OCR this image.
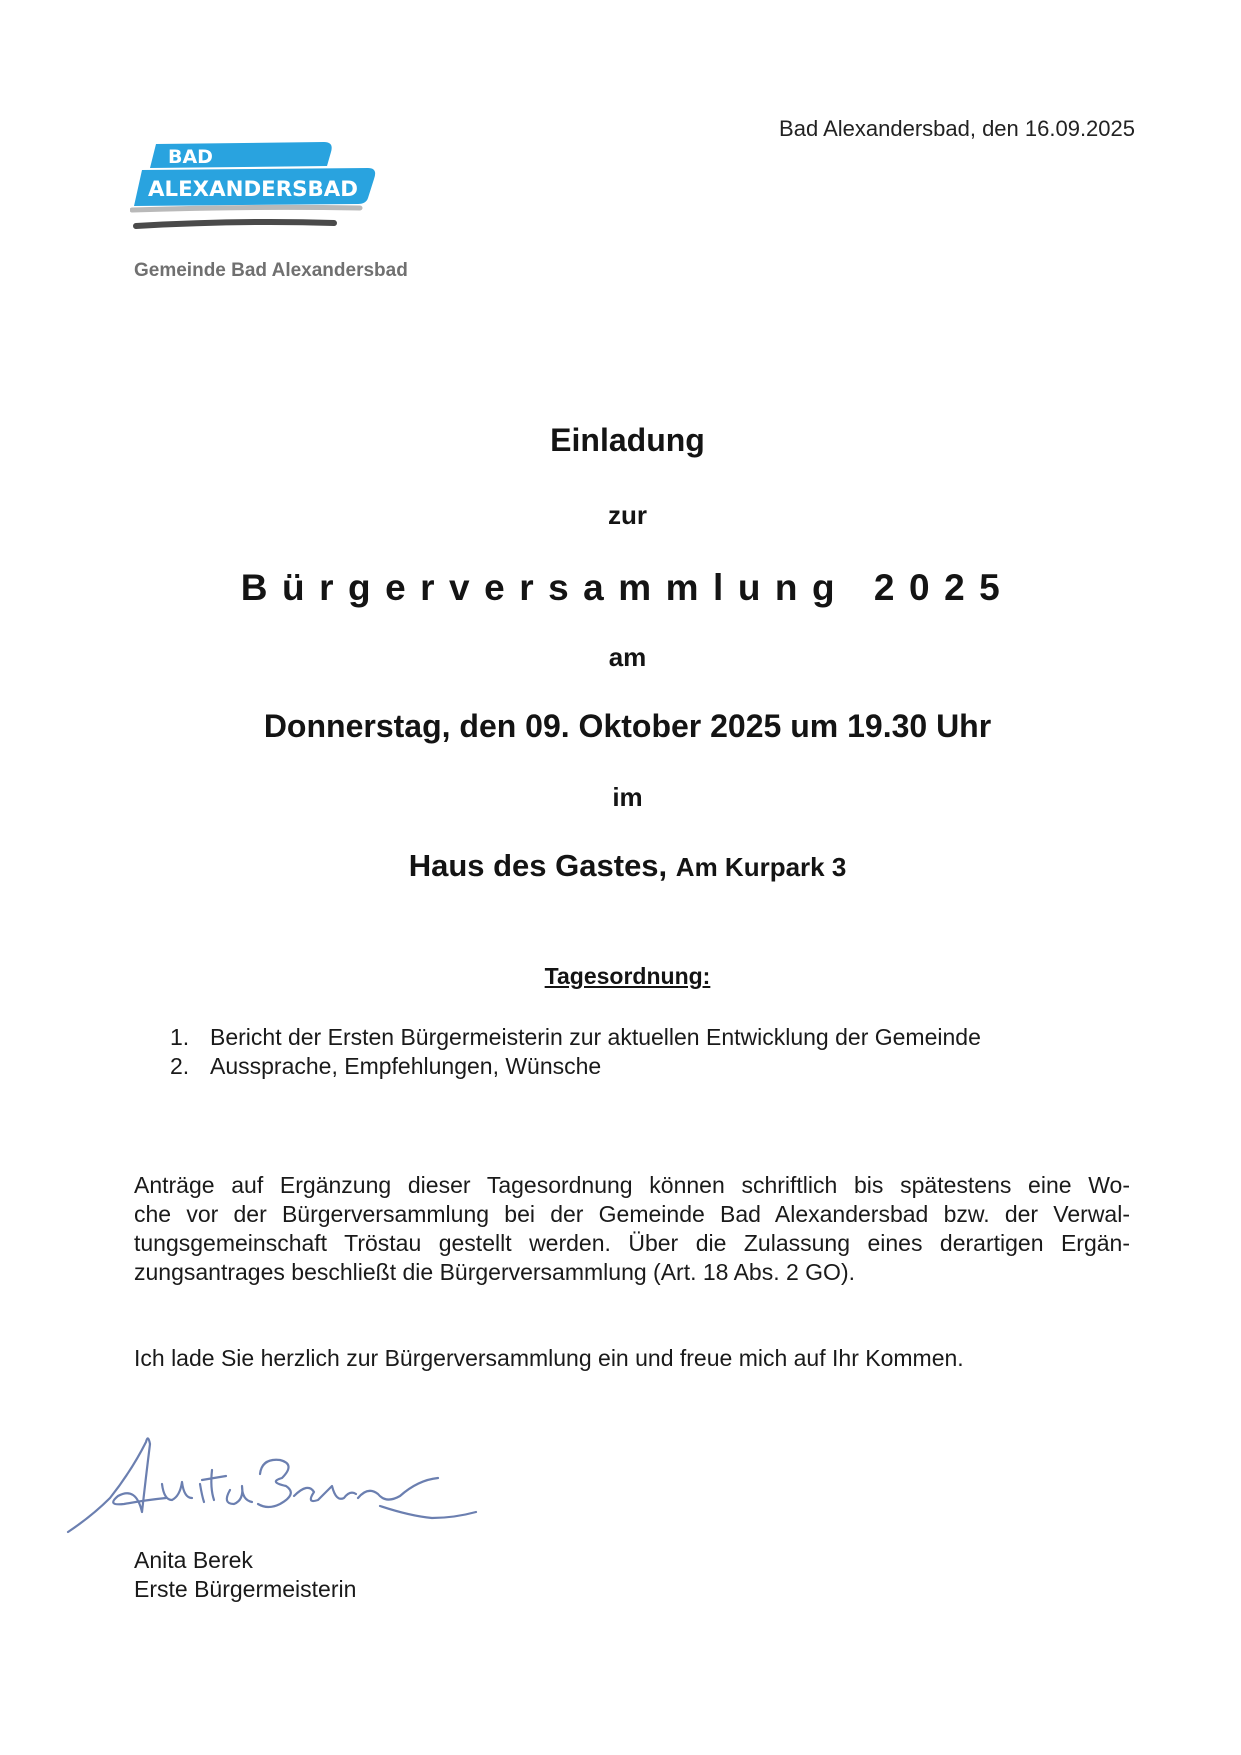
Bad Alexandersbad, den 16.09.2025
BAD
ALEXANDERSBAD
Gemeinde Bad Alexandersbad
Einladung
zur
Bürgerversammlung 2025
am
Donnerstag, den 09. Oktober 2025 um 19.30 Uhr
im
Haus des Gastes, Am Kurpark 3
Tagesordnung:
1. Bericht der Ersten Bürgermeisterin zur aktuellen Entwicklung der Gemeinde
2. Aussprache, Empfehlungen, Wünsche
Anträge auf Ergänzung dieser Tagesordnung können schriftlich bis spätestens eine Wo-
che vor der Bürgerversammlung bei der Gemeinde Bad Alexandersbad bzw. der Verwal-
tungsgemeinschaft Tröstau gestellt werden. Über die Zulassung eines derartigen Ergän-
zungsantrages beschließt die Bürgerversammlung (Art. 18 Abs. 2 GO).
Ich lade Sie herzlich zur Bürgerversammlung ein und freue mich auf Ihr Kommen.
Anita Berek
Erste Bürgermeisterin
